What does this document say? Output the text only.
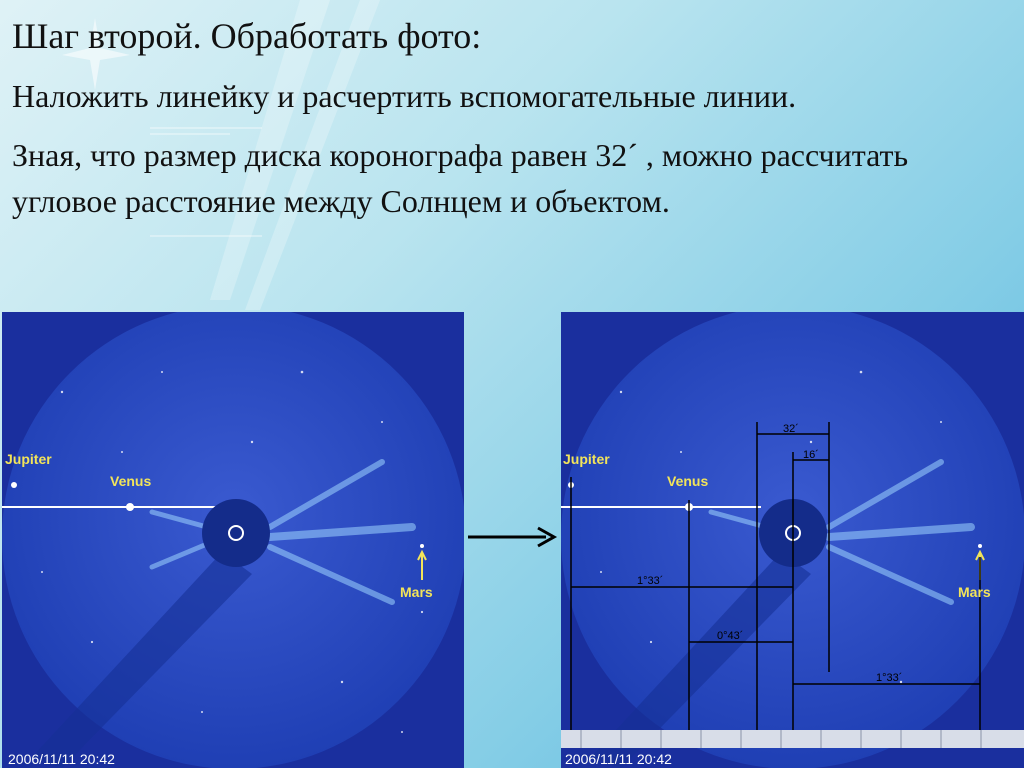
Шаг второй. Обработать фото:
Наложить линейку и расчертить вспомогательные линии.
Зная, что размер диска коронографа равен 32´ , можно рассчитать угловое расстояние между Солнцем и объектом.
Jupiter
Venus
Mars
2006/11/11 20:42
32´
16´
1°33´
0°43´
1°33´
Jupiter
Venus
Mars
2006/11/11 20:42
